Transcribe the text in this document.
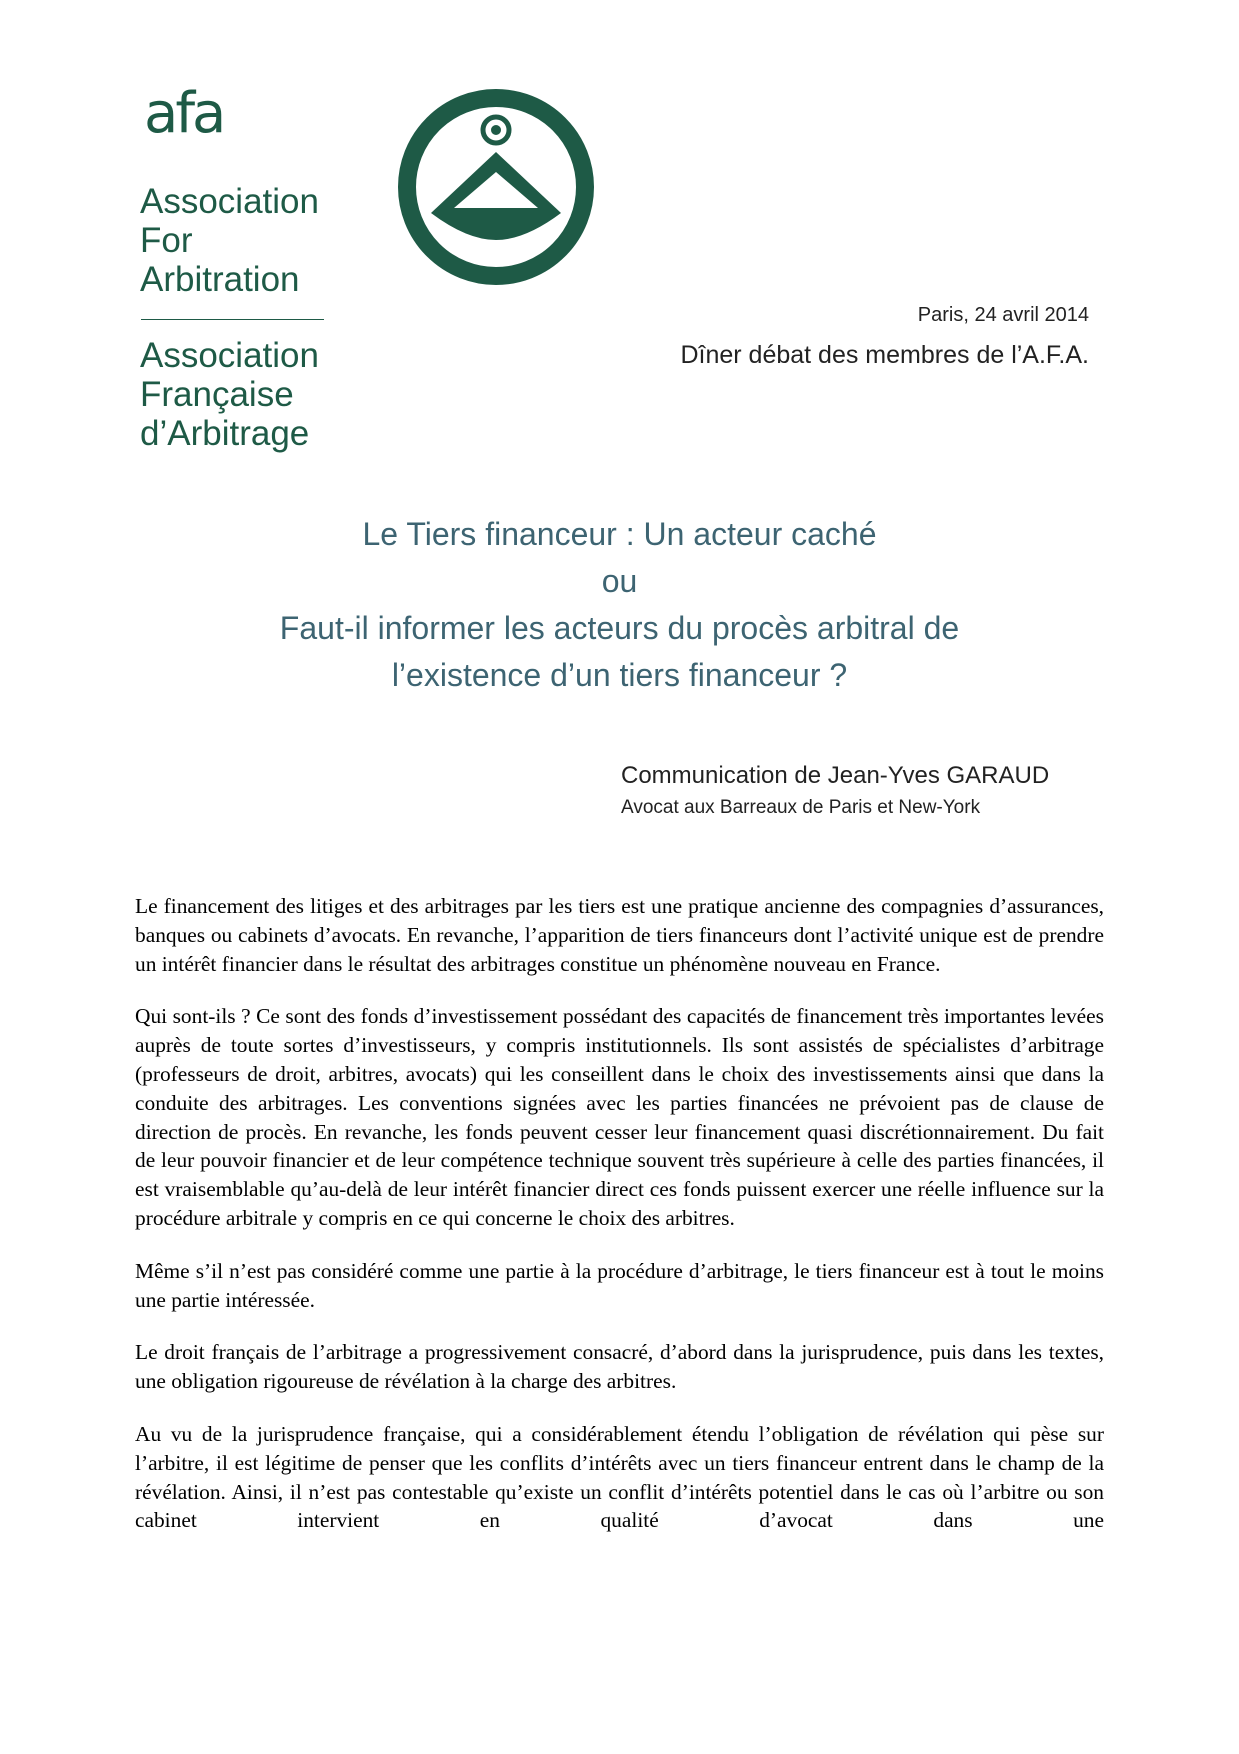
afa
Association
For
Arbitration
Association
Française
d’Arbitrage
Paris, 24 avril 2014
Dîner débat des membres de l’A.F.A.
Le Tiers financeur : Un acteur caché
ou
Faut-il informer les acteurs du procès arbitral de
l’existence d’un tiers financeur ?
Communication de Jean-Yves GARAUD
Avocat aux Barreaux de Paris et New-York

Le financement des litiges et des arbitrages par les tiers est une pratique ancienne des compagnies d’assurances, banques ou cabinets d’avocats. En revanche, l’apparition de tiers financeurs dont l’activité unique est de prendre un intérêt financier dans le résultat des arbitrages constitue un phénomène nouveau en France.

Qui sont-ils ? Ce sont des fonds d’investissement possédant des capacités de financement très importantes levées auprès de toute sortes d’investisseurs, y compris institutionnels. Ils sont assistés de spécialistes d’arbitrage (professeurs de droit, arbitres, avocats) qui les conseillent dans le choix des investissements ainsi que dans la conduite des arbitrages. Les conventions signées avec les parties financées ne prévoient pas de clause de direction de procès. En revanche, les fonds peuvent cesser leur financement quasi discrétionnairement. Du fait de leur pouvoir financier et de leur compétence technique souvent très supérieure à celle des parties financées, il est vraisemblable qu’au-delà de leur intérêt financier direct ces fonds puissent exercer une réelle influence sur la procédure arbitrale y compris en ce qui concerne le choix des arbitres.

Même s’il n’est pas considéré comme une partie à la procédure d’arbitrage, le tiers financeur est à tout le moins une partie intéressée.

Le droit français de l’arbitrage a progressivement consacré, d’abord dans la jurisprudence, puis dans les textes, une obligation rigoureuse de révélation à la charge des arbitres.

Au vu de la jurisprudence française, qui a considérablement étendu l’obligation de révélation qui pèse sur l’arbitre, il est légitime de penser que les conflits d’intérêts avec un tiers financeur entrent dans le champ de la révélation. Ainsi, il n’est pas contestable qu’existe un conflit d’intérêts potentiel dans le cas où l’arbitre ou son cabinet intervient en qualité d’avocat dans une
